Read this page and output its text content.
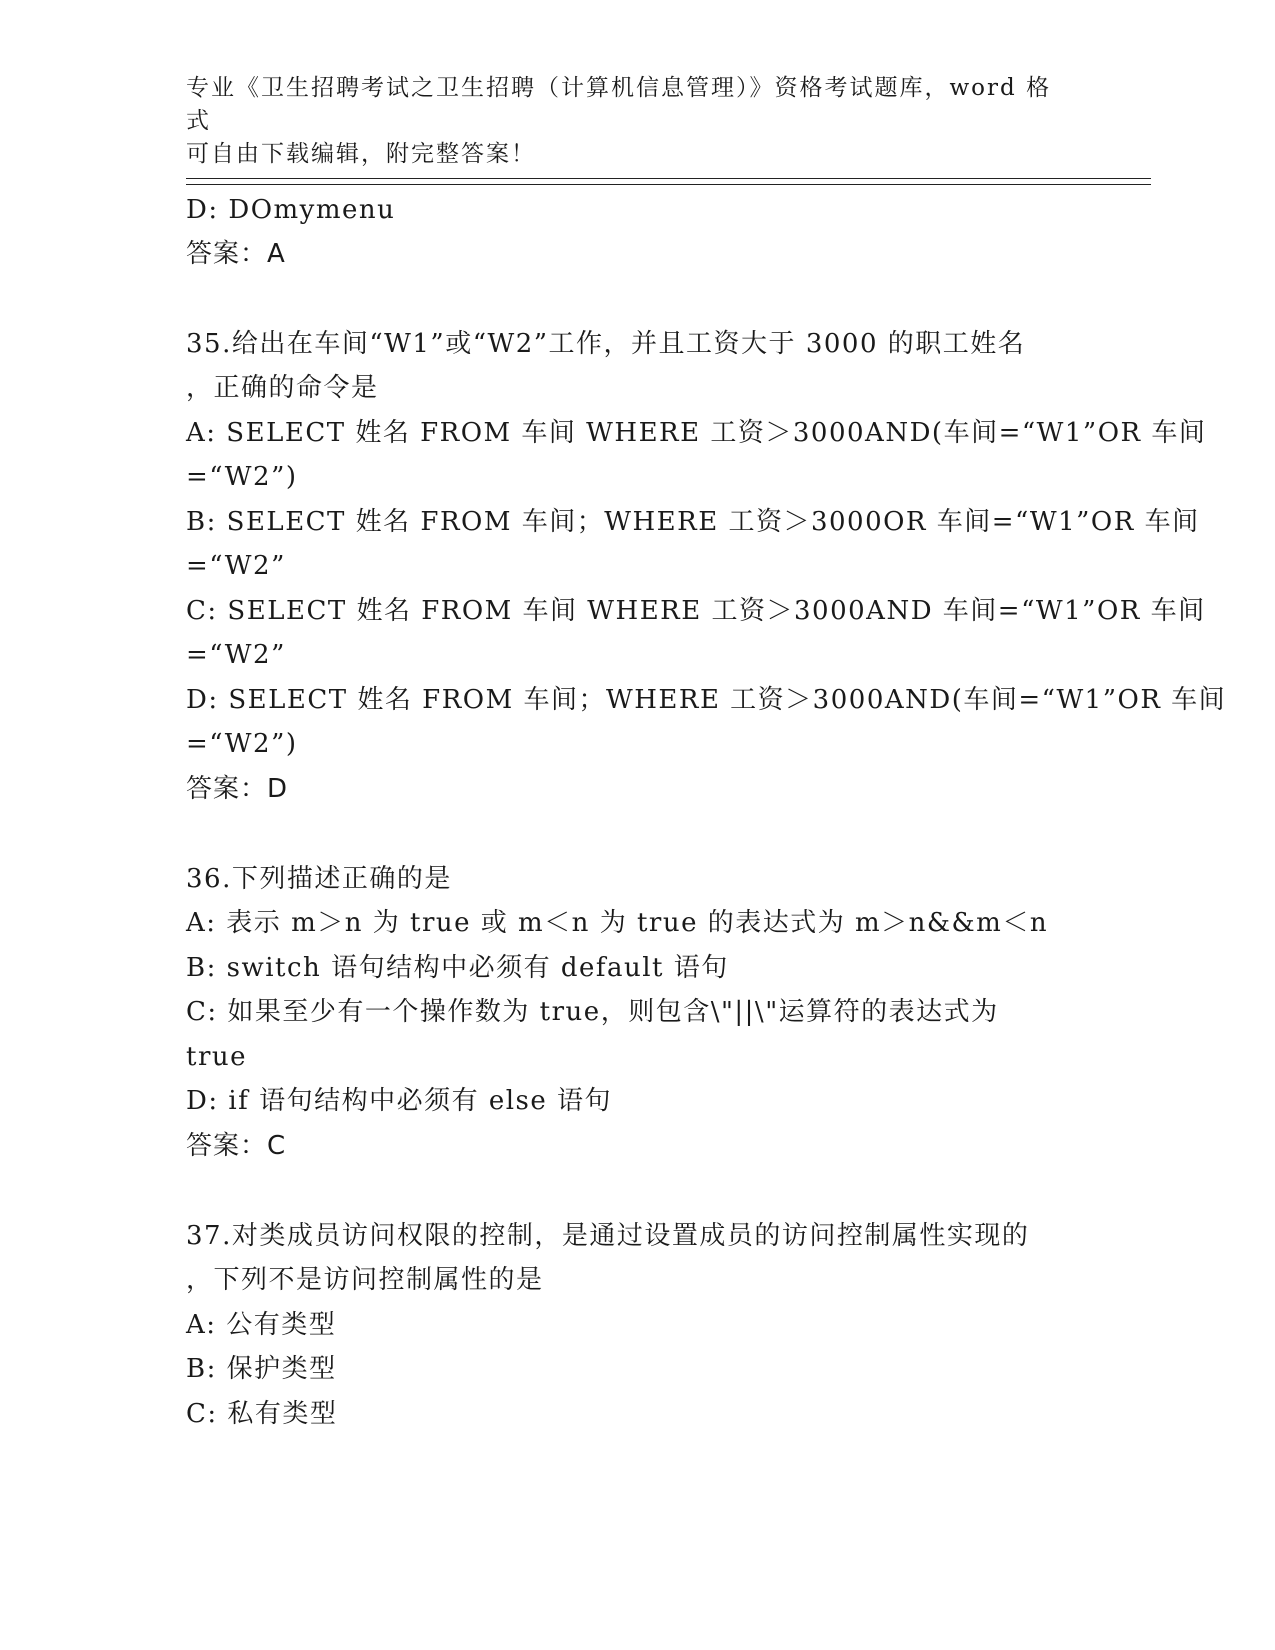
专业《卫生招聘考试之卫生招聘（计算机信息管理）》资格考试题库，word 格式
可自由下载编辑，附完整答案！
D: DOmymenu
答案：A
35.给出在车间“W1”或“W2”工作，并且工资大于 3000 的职工姓名
，正确的命令是
A: SELECT 姓名 FROM 车间 WHERE 工资＞3000AND(车间=“W1”OR 车间
=“W2”)
B: SELECT 姓名 FROM 车间；WHERE 工资＞3000OR 车间=“W1”OR 车间
=“W2”
C: SELECT 姓名 FROM 车间 WHERE 工资＞3000AND 车间=“W1”OR 车间
=“W2”
D: SELECT 姓名 FROM 车间；WHERE 工资＞3000AND(车间=“W1”OR 车间
=“W2”)
答案：D
36.下列描述正确的是
A: 表示 m＞n 为 true 或 m＜n 为 true 的表达式为 m＞n&&m＜n
B: switch 语句结构中必须有 default 语句
C: 如果至少有一个操作数为 true，则包含\"||\"运算符的表达式为
true
D: if 语句结构中必须有 else 语句
答案：C
37.对类成员访问权限的控制，是通过设置成员的访问控制属性实现的
，下列不是访问控制属性的是
A: 公有类型
B: 保护类型
C: 私有类型
